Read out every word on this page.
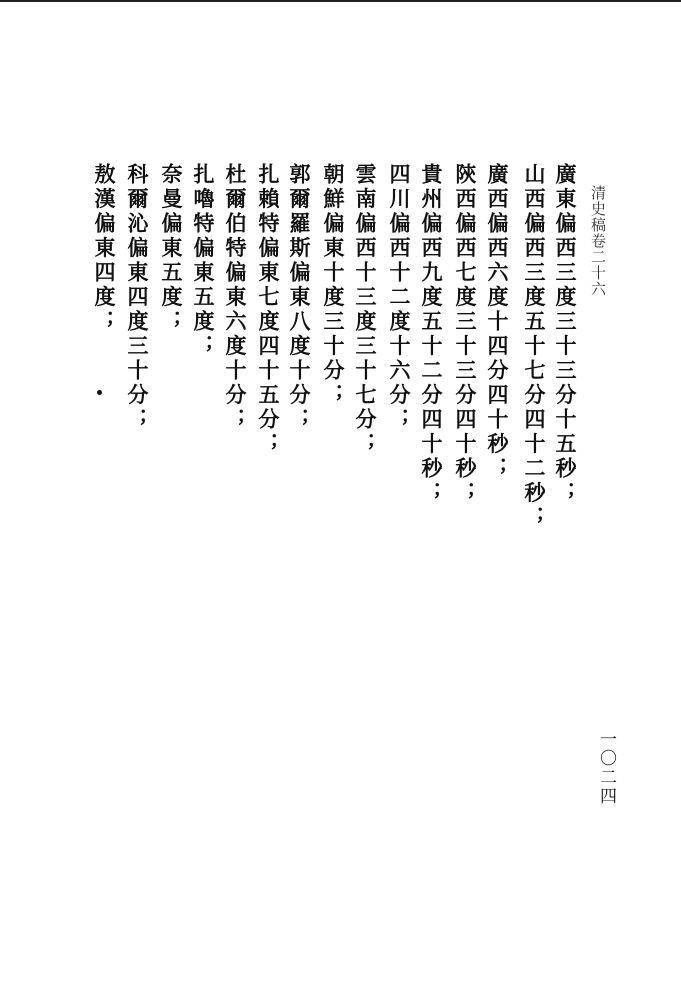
清史稿卷二十六
廣東偏西三度三十三分十五秒；
山西偏西三度五十七分四十二秒；
廣西偏西六度十四分四十秒；
陝西偏西七度三十三分四十秒；
貴州偏西九度五十二分四十秒；
四川偏西十二度十六分；
雲南偏西十三度三十七分；
朝鮮偏東十度三十分；
郭爾羅斯偏東八度十分；
扎賴特偏東七度四十五分；
杜爾伯特偏東六度十分；
扎嚕特偏東五度；
奈曼偏東五度；
科爾沁偏東四度三十分；
敖漢偏東四度；
一〇二四
